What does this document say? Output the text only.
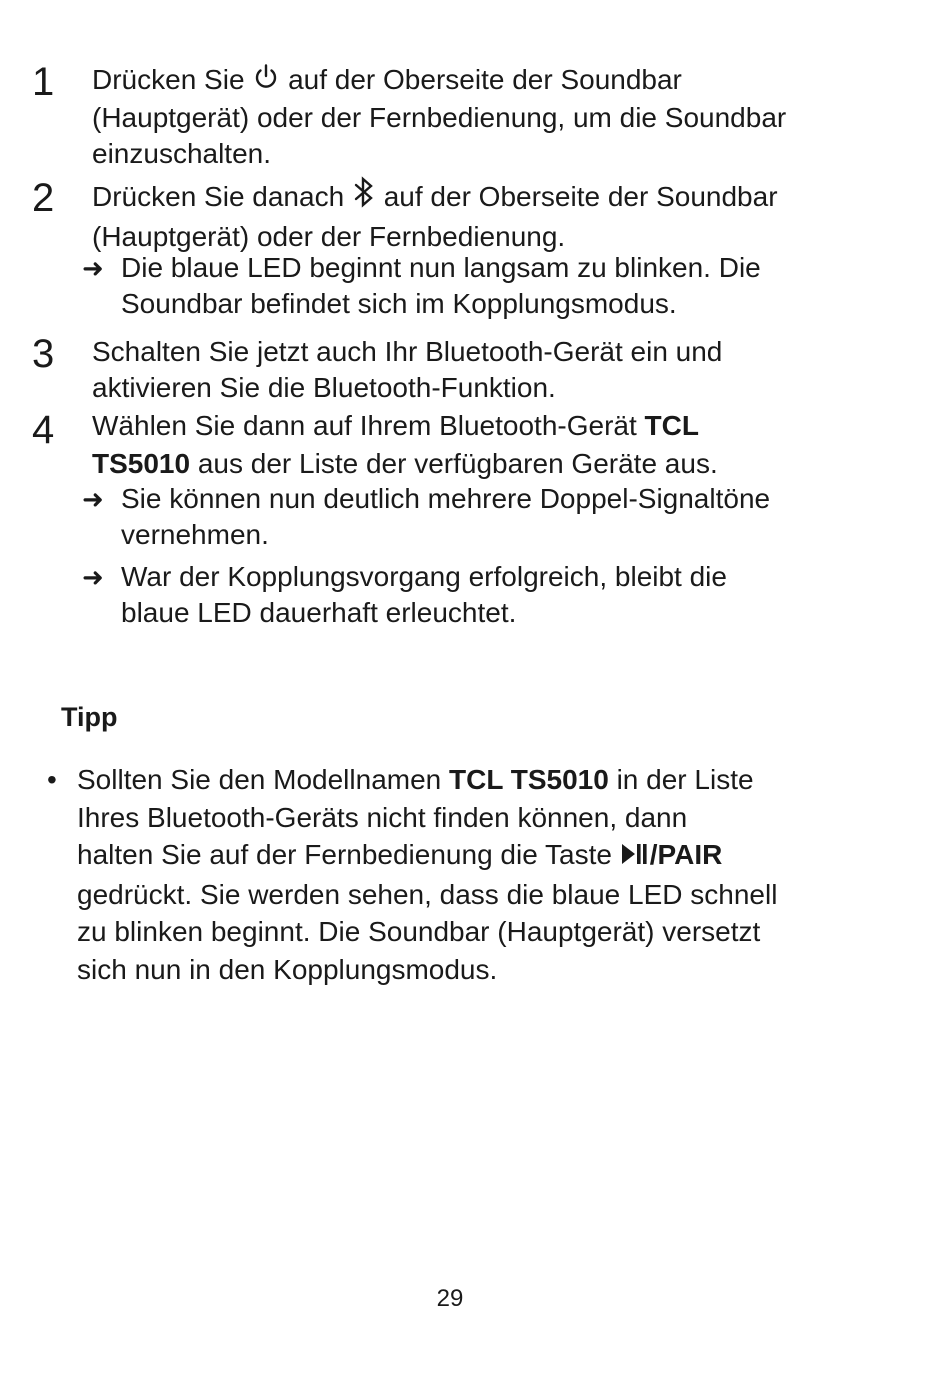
1 Drücken Sie  auf der Oberseite der Soundbar
(Hauptgerät) oder der Fernbedienung, um die Soundbar
einzuschalten.
2 Drücken Sie danach  auf der Oberseite der Soundbar
(Hauptgerät) oder der Fernbedienung.
➜ Die blaue LED beginnt nun langsam zu blinken. Die
Soundbar befindet sich im Kopplungsmodus.
3 Schalten Sie jetzt auch Ihr Bluetooth-Gerät ein und
aktivieren Sie die Bluetooth-Funktion.
4 Wählen Sie dann auf Ihrem Bluetooth-Gerät TCL
TS5010 aus der Liste der verfügbaren Geräte aus.
➜ Sie können nun deutlich mehrere Doppel-Signaltöne
vernehmen.
➜ War der Kopplungsvorgang erfolgreich, bleibt die
blaue LED dauerhaft erleuchtet.
Tipp
• Sollten Sie den Modellnamen TCL TS5010 in der Liste
Ihres Bluetooth-Geräts nicht finden können, dann
halten Sie auf der Fernbedienung die Taste /PAIR
gedrückt. Sie werden sehen, dass die blaue LED schnell
zu blinken beginnt. Die Soundbar (Hauptgerät) versetzt
sich nun in den Kopplungsmodus.
29
